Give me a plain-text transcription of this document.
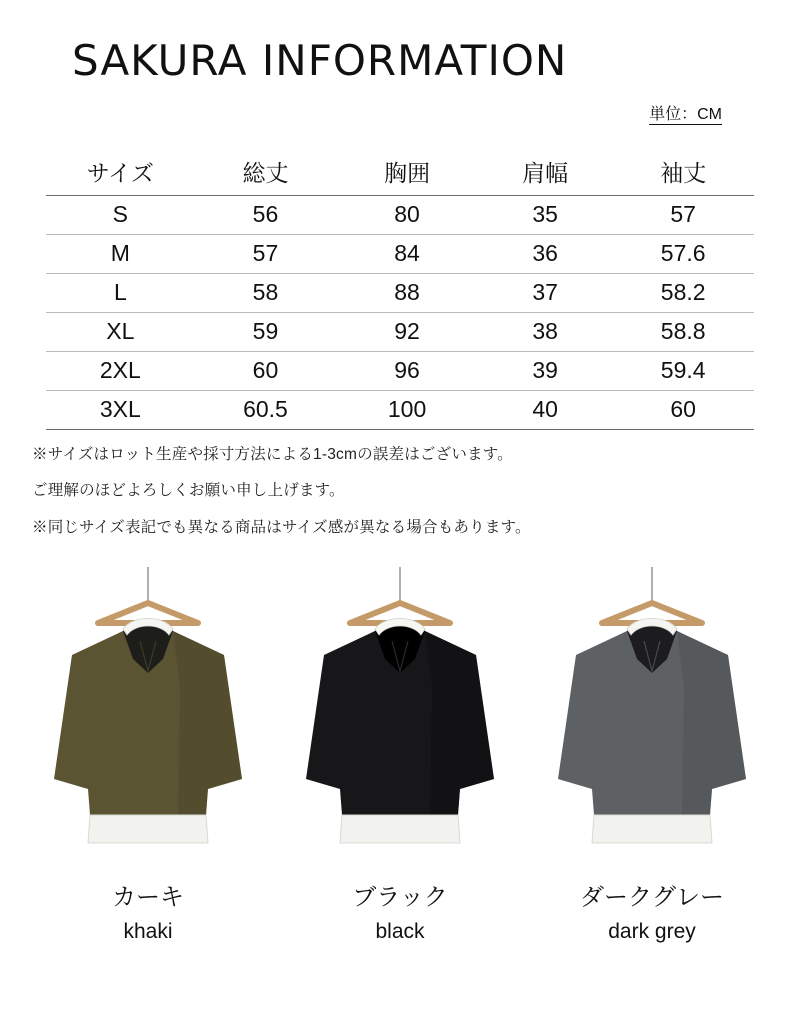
SAKURA INFORMATION
単位：CM
サイズ	総丈	胸囲	肩幅	袖丈
S	56	80	35	57
M	57	84	36	57.6
L	58	88	37	58.2
XL	59	92	38	58.8
2XL	60	96	39	59.4
3XL	60.5	100	40	60

※サイズはロット生産や採寸方法による1-3cmの誤差はございます。

ご理解のほどよろしくお願い申し上げます。

※同じサイズ表記でも異なる商品はサイズ感が異なる場合もあります。

カーキ
khaki
ブラック
black
ダークグレー
dark grey
